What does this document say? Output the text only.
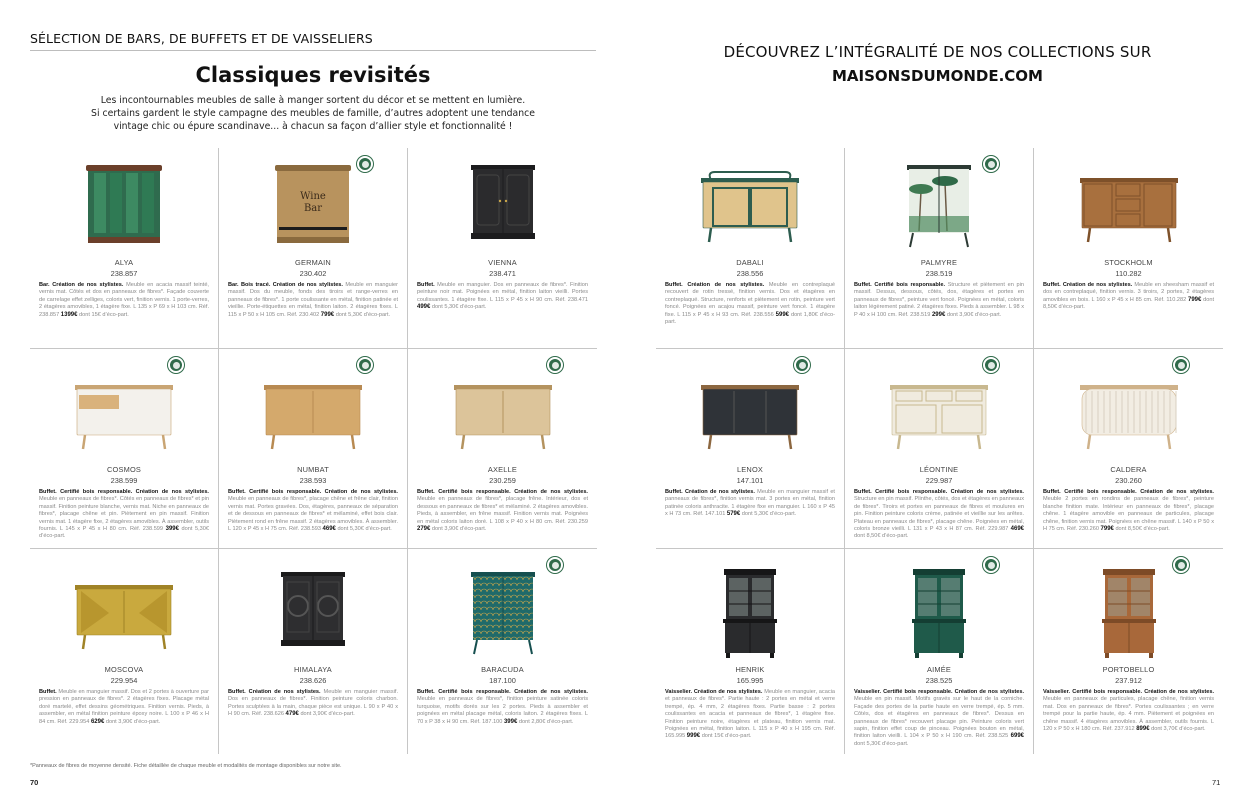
SÉLECTION DE BARS, DE BUFFETS ET DE VAISSELIERS
Classiques revisités
Les incontournables meubles de salle à manger sortent du décor et se mettent en lumière.
Si certains gardent le style campagne des meubles de famille, d’autres adoptent une tendance
vintage chic ou épure scandinave... à chacun sa façon d’allier style et fonctionnalité !
ALYA
238.857
Bar. Création de nos stylistes. Meuble en acacia massif teinté, vernis mat. Côtés et dos en panneaux de fibres*. Façade couverte de carrelage effet zelliges, coloris vert, finition vernis. 1 porte-verres, 2 étagères amovibles, 1 étagère fixe. L 135 x P 69 x H 103 cm. Réf. 238.857 1399€ dont 15€ d’éco-part.
Wine
Bar
GERMAIN
230.402
Bar. Bois tracé. Création de nos stylistes. Meuble en manguier massif. Dos du meuble, fonds des tiroirs et range-verres en panneaux de fibres*. 1 porte coulissante en métal, finition patinée et vieillie. Porte-étiquettes en métal, finition laiton. 2 étagères fixes. L 115 x P 50 x H 105 cm. Réf. 230.402 799€ dont 5,30€ d’éco-part.
VIENNA
238.471
Buffet. Meuble en manguier. Dos en panneaux de fibres*. Finition peinture noir mat. Poignées en métal, finition laiton vieilli. Portes coulissantes. 1 étagère fixe. L 115 x P 45 x H 90 cm. Réf. 238.471 499€ dont 5,30€ d’éco-part.
COSMOS
238.599
Buffet. Certifié bois responsable. Création de nos stylistes. Meuble en panneaux de fibres*. Côtés en panneaux de fibres* et pin massif. Finition peinture blanche, vernis mat. Niche en panneaux de fibres*, placage chêne et pin. Piètement en pin massif. Finition vernis mat. 1 étagère fixe, 2 étagères amovibles. À assembler, outils fournis. L 145 x P 45 x H 80 cm. Réf. 238.599 399€ dont 5,30€ d’éco-part.
NUMBAT
238.593
Buffet. Certifié bois responsable. Création de nos stylistes. Meuble en panneaux de fibres*, placage chêne et frêne clair, finition vernis mat. Portes gravées. Dos, étagères, panneaux de séparation et de dessous en panneaux de fibres* et mélaminé, effet bois clair. Piètement rond en frêne massif. 2 étagères amovibles. À assembler. L 120 x P 45 x H 75 cm. Réf. 238.593 469€ dont 5,30€ d’éco-part.
AXELLE
230.259
Buffet. Certifié bois responsable. Création de nos stylistes. Meuble en panneaux de fibres*, placage frêne. Intérieur, dos et dessous en panneaux de fibres* et mélaminé. 2 étagères amovibles. Pieds, à assembler, en frêne massif. Finition vernis mat. Poignées en métal coloris laiton doré. L 108 x P 40 x H 80 cm. Réf. 230.259 279€ dont 3,90€ d’éco-part.
MOSCOVA
229.954
Buffet. Meuble en manguier massif. Dos et 2 portes à ouverture par pression en panneaux de fibres*. 2 étagères fixes. Placage métal doré martelé, effet dessins géométriques. Finition vernis. Pieds, à assembler, en métal finition peinture époxy noire. L 100 x P 46 x H 84 cm. Réf. 229.954 629€ dont 3,90€ d’éco-part.
HIMALAYA
238.626
Buffet. Création de nos stylistes. Meuble en manguier massif. Dos en panneaux de fibres*. Finition peinture coloris charbon. Portes sculptées à la main, chaque pièce est unique. L 90 x P 40 x H 90 cm. Réf. 238.626 479€ dont 3,90€ d’éco-part.
BARACUDA
187.100
Buffet. Certifié bois responsable. Création de nos stylistes. Meuble en panneaux de fibres*, finition peinture satinée coloris turquoise, motifs dorés sur les 2 portes. Pieds à assembler et poignées en métal placage métal, coloris laiton. 2 étagères fixes. L 70 x P 38 x H 90 cm. Réf. 187.100 399€ dont 2,80€ d’éco-part.
*Panneaux de fibres de moyenne densité. Fiche détaillée de chaque meuble et modalités de montage disponibles sur notre site.
70
DÉCOUVREZ L’INTÉGRALITÉ DE NOS COLLECTIONS SUR
MAISONSDUMONDE.COM
DABALI
238.556
Buffet. Création de nos stylistes. Meuble en contreplaqué recouvert de rotin tressé, finition vernis. Dos et étagères en contreplaqué. Structure, renforts et piètement en rotin, peinture vert foncé. Poignées en acajou massif, peinture vert foncé. 1 étagère fixe. L 115 x P 45 x H 93 cm. Réf. 238.556 599€ dont 1,80€ d’éco-part.
PALMYRE
238.519
Buffet. Certifié bois responsable. Structure et piètement en pin massif. Dessus, dessous, côtés, dos, étagères et portes en panneaux de fibres*, peinture vert foncé. Poignées en métal, coloris laiton légèrement patiné. 2 étagères fixes. Pieds à assembler. L 98 x P 40 x H 100 cm. Réf. 238.519 299€ dont 3,90€ d’éco-part.
STOCKHOLM
110.282
Buffet. Création de nos stylistes. Meuble en sheesham massif et dos en contreplaqué, finition vernis. 3 tiroirs, 2 portes, 2 étagères amovibles en bois. L 160 x P 45 x H 85 cm. Réf. 110.282 799€ dont 8,50€ d’éco-part.
LENOX
147.101
Buffet. Création de nos stylistes. Meuble en manguier massif et panneaux de fibres*, finition vernis mat. 3 portes en métal, finition patinée coloris anthracite. 1 étagère fixe en manguier. L 160 x P 45 x H 73 cm. Réf. 147.101 579€ dont 5,30€ d’éco-part.
LÉONTINE
229.987
Buffet. Certifié bois responsable. Création de nos stylistes. Structure en pin massif. Plinthe, côtés, dos et étagères en panneaux de fibres*. Tiroirs et portes en panneaux de fibres et moulures en pin. Finition peinture coloris crème, patinée et vieillie sur les arêtes. Plateau en panneaux de fibres*, placage chêne. Poignées en métal, coloris bronze vieilli. L 131 x P 43 x H 87 cm. Réf. 229.987 469€ dont 8,50€ d’éco-part.
CALDERA
230.260
Buffet. Certifié bois responsable. Création de nos stylistes. Meuble 2 portes en rondins de panneaux de fibres*, peinture blanche finition mate. Intérieur en panneaux de fibres*, placage chêne. 1 étagère amovible en panneaux de particules, placage chêne, finition vernis mat. Poignées en chêne massif. L 140 x P 50 x H 75 cm. Réf. 230.260 799€ dont 8,50€ d’éco-part.
HENRIK
165.995
Vaisselier. Création de nos stylistes. Meuble en manguier, acacia et panneaux de fibres*. Partie haute : 2 portes en métal et verre trempé, ép. 4 mm, 2 étagères fixes. Partie basse : 2 portes coulissantes en acacia et panneaux de fibres*, 1 étagère fixe. Finition peinture noire, étagères et plateau, finition vernis mat. Poignées en métal, finition laiton. L 115 x P 40 x H 195 cm. Réf. 165.995 999€ dont 15€ d’éco-part.
AIMÉE
238.525
Vaisselier. Certifié bois responsable. Création de nos stylistes. Meuble en pin massif. Motifs gravés sur le haut de la corniche. Façade des portes de la partie haute en verre trempé, ép. 5 mm. Côtés, dos et étagères en panneaux de fibres*. Dessus en panneaux de fibres* recouvert placage pin. Peinture coloris vert sapin, finition effet coup de pinceau. Poignées bouton en métal, finition laiton vieilli. L 104 x P 50 x H 190 cm. Réf. 238.525 699€ dont 5,30€ d’éco-part.
PORTOBELLO
237.912
Vaisselier. Certifié bois responsable. Création de nos stylistes. Meuble en panneaux de particules, placage chêne, finition vernis mat. Dos en panneaux de fibres*. Portes coulissantes ; en verre trempé pour la partie haute, ép. 4 mm. Piètement et poignées en chêne massif. 4 étagères amovibles. À assembler, outils fournis. L 120 x P 50 x H 180 cm. Réf. 237.912 899€ dont 3,70€ d’éco-part.
71
